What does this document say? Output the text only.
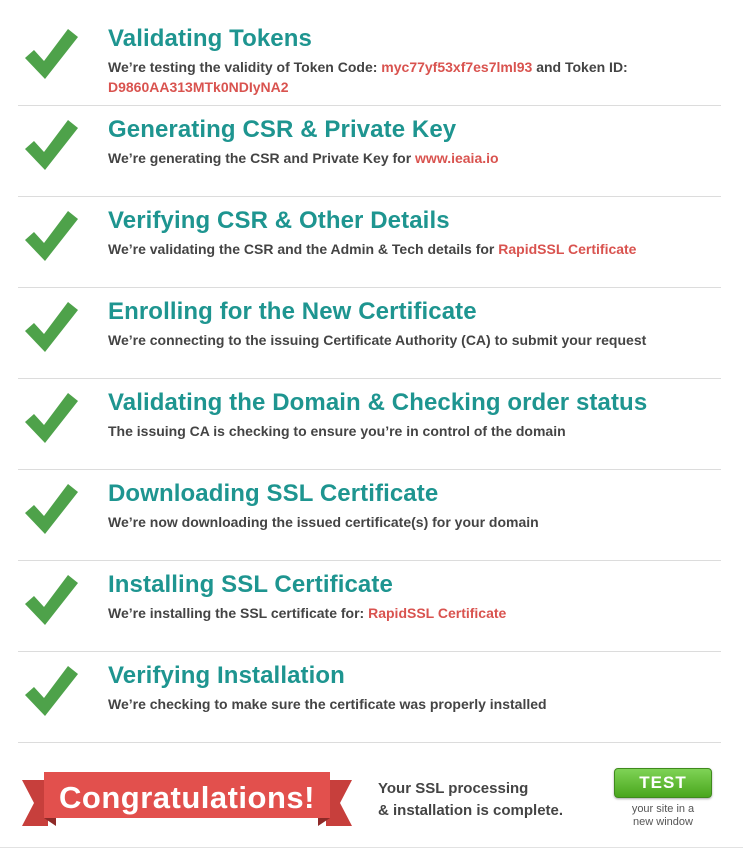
Validating Tokens
We’re testing the validity of Token Code: myc77yf53xf7es7lml93 and Token ID:
D9860AA313MTk0NDIyNA2
Generating CSR & Private Key
We’re generating the CSR and Private Key for www.ieaia.io
Verifying CSR & Other Details
We’re validating the CSR and the Admin & Tech details for RapidSSL Certificate
Enrolling for the New Certificate
We’re connecting to the issuing Certificate Authority (CA) to submit your request
Validating the Domain & Checking order status
The issuing CA is checking to ensure you’re in control of the domain
Downloading SSL Certificate
We’re now downloading the issued certificate(s) for your domain
Installing SSL Certificate
We’re installing the SSL certificate for: RapidSSL Certificate
Verifying Installation
We’re checking to make sure the certificate was properly installed
Congratulations!	Your SSL processing
& installation is complete.
TEST
your site in a
new window
